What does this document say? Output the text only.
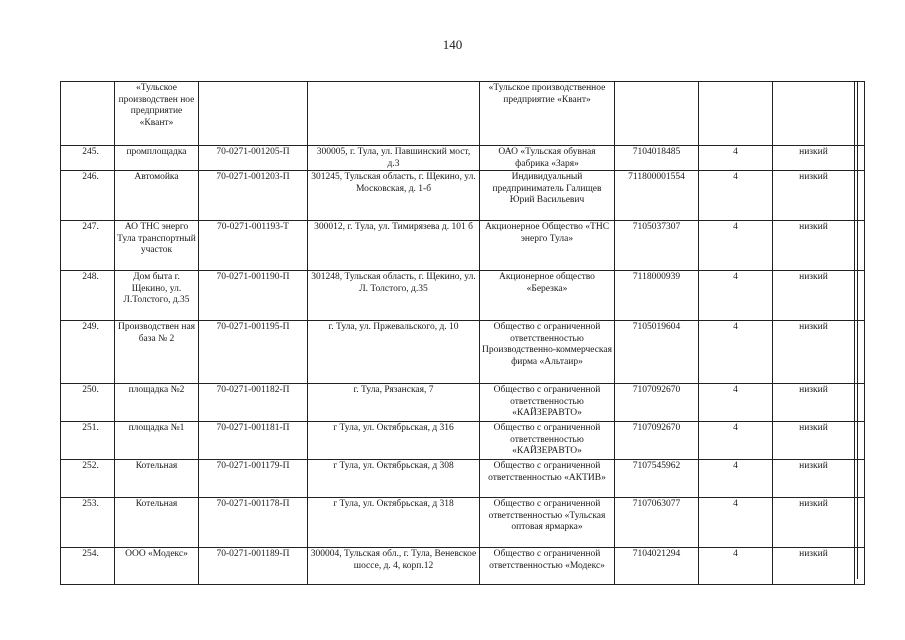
140
	«Тульское производствен ное предприятие «Квант»			«Тульское производственное предприятие «Квант»				
245.	промплощадка	70-0271-001205-П	300005, г. Тула, ул. Павшинский мост, д.3	ОАО «Тульская обувная фабрика «Заря»	7104018485	4	низкий	
246.	Автомойка	70-0271-001203-П	301245, Тульская область, г. Щекино, ул. Московская, д. 1-б	Индивидуальный предприниматель Галищев Юрий Васильевич	711800001554	4	низкий	
247.	АО ТНС энерго Тула транспортный участок	70-0271-001193-Т	300012, г. Тула, ул. Тимирязева д. 101 б	Акционерное Общество «ТНС энерго Тула»	7105037307	4	низкий	
248.	Дом быта г. Щекино, ул. Л.Толстого, д.35	70-0271-001190-П	301248, Тульская область, г. Щекино, ул. Л. Толстого, д.35	Акционерное общество «Березка»	7118000939	4	низкий	
249.	Производствен ная база № 2	70-0271-001195-П	г. Тула, ул. Пржевальского, д. 10	Общество с ограниченной ответственностью Производственно-коммерческая фирма «Альтаир»	7105019604	4	низкий	
250.	площадка №2	70-0271-001182-П	г. Тула, Рязанская, 7	Общество с ограниченной ответственностью «КАЙЗЕРАВТО»	7107092670	4	низкий	
251.	площадка №1	70-0271-001181-П	г Тула, ул. Октябрьская, д 316	Общество с ограниченной ответственностью «КАЙЗЕРАВТО»	7107092670	4	низкий	
252.	Котельная	70-0271-001179-П	г Тула, ул. Октябрьская, д 308	Общество с ограниченной ответственностью «АКТИВ»	7107545962	4	низкий	
253.	Котельная	70-0271-001178-П	г Тула, ул. Октябрьская, д 318	Общество с ограниченной ответственностью «Тульская оптовая ярмарка»	7107063077	4	низкий	
254.	ООО «Модекс»	70-0271-001189-П	300004, Тульская обл., г. Тула, Веневское шоссе, д. 4, корп.12	Общество с ограниченной ответственностью «Модекс»	7104021294	4	низкий	
